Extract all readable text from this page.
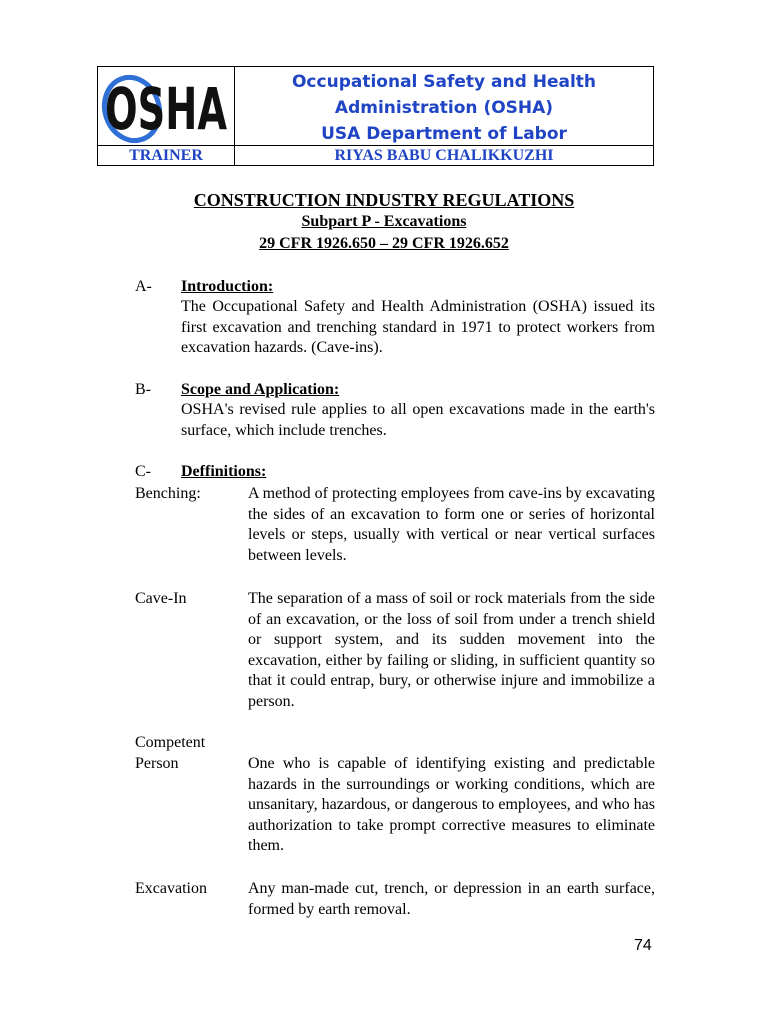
OSHA	Occupational Safety and Health
Administration (OSHA)
USA Department of Labor
TRAINER	RIYAS BABU CHALIKKUZHI
CONSTRUCTION INDUSTRY REGULATIONS
Subpart P - Excavations
29 CFR 1926.650 – 29 CFR 1926.652
A- Introduction:
The Occupational Safety and Health Administration (OSHA) issued its first excavation and trenching standard in 1971 to protect workers from excavation hazards. (Cave-ins).
B- Scope and Application:
OSHA's revised rule applies to all open excavations made in the earth's surface, which include trenches.
C- Deffinitions:
Benching:	A method of protecting employees from cave-ins by excavating the sides of an excavation to form one or series of horizontal levels or steps, usually with vertical or near vertical surfaces between levels.
Cave-In	The separation of a mass of soil or rock materials from the side of an excavation, or the loss of soil from under a trench shield or support system, and its sudden movement into the excavation, either by failing or sliding, in sufficient quantity so that it could entrap, bury, or otherwise injure and immobilize a person.
Competent
Person	One who is capable of identifying existing and predictable hazards in the surroundings or working conditions, which are unsanitary, hazardous, or dangerous to employees, and who has authorization to take prompt corrective measures to eliminate them.
Excavation	Any man-made cut, trench, or depression in an earth surface, formed by earth removal.
74
